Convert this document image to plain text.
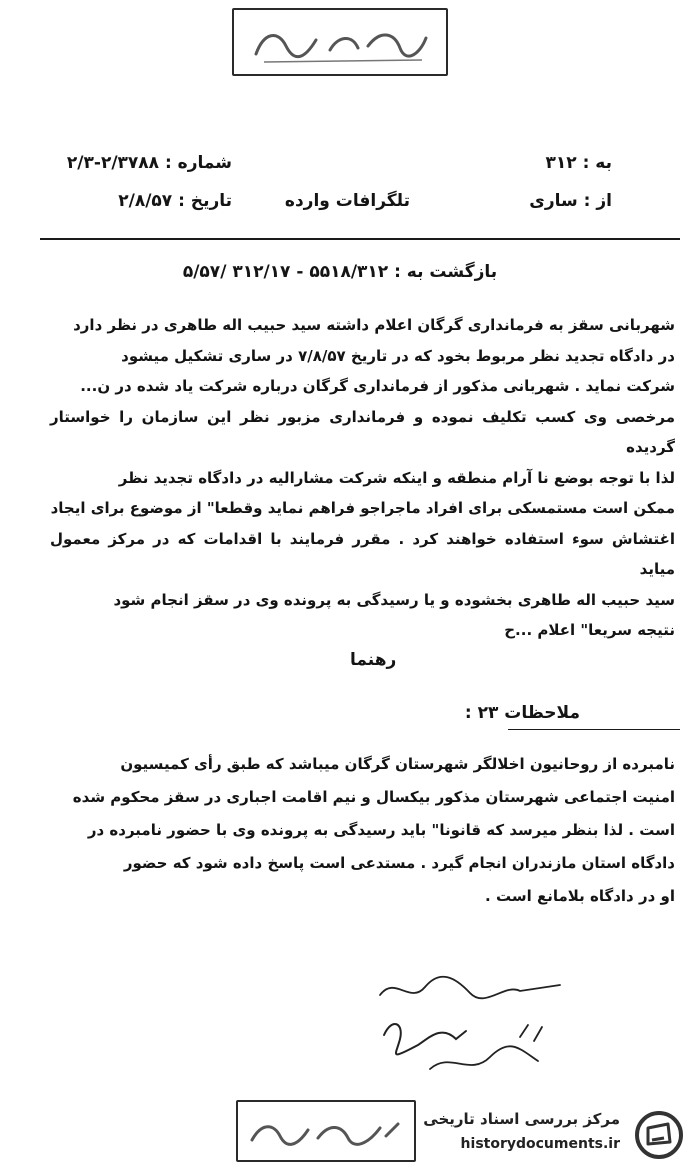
به : ۳۱۲
از : ساری
تلگرافات وارده
شماره : ۲/۳۷۸۸-۲/۳
تاریخ : ۲/۸/۵۷
بازگشت به : ۵۵۱۸/۳۱۲ - ۳۱۲/۱۷ /۵/۵۷

شهربانی سقز به فرمانداری گرگان اعلام داشته سید حبیب اله طاهری در نظر دارد

در دادگاه تجدید نظر مربوط بخود که در تاریخ ۷/۸/۵۷ در ساری تشکیل میشود

شرکت نماید . شهربانی مذکور از فرمانداری گرگان درباره شرکت یاد شده در ن...

مرخصی وی کسب تکلیف نموده و فرمانداری مزبور نظر این سازمان را خواستار گردیده

لذا با توجه بوضع نا آرام منطقه و اینکه شرکت مشارالیه در دادگاه تجدید نظر

ممکن است مستمسکی برای افراد ماجراجو فراهم نماید وقطعا" از موضوع برای ایجاد

اغتشاش سوء استفاده خواهند کرد . مقرر فرمایند با اقدامات که در مرکز معمول میاید

سید حبیب اله طاهری بخشوده و یا رسیدگی به پرونده وی در سقز انجام شود

نتیجه سریعا" اعلام ...ح

رهنما
ملاحظات ۲۳ :

نامبرده از روحانیون اخلالگر شهرستان گرگان میباشد که طبق رأی کمیسیون

امنیت اجتماعی شهرستان مذکور بیکسال و نیم اقامت اجباری در سقز محکوم شده

است . لذا بنظر میرسد که قانونا" باید رسیدگی به پرونده وی با حضور نامبرده در

دادگاه استان مازندران انجام گیرد . مستدعی است پاسخ داده شود که حضور

او در دادگاه بلامانع است .

مرکز بررسی اسناد تاریخی
historydocuments.ir
